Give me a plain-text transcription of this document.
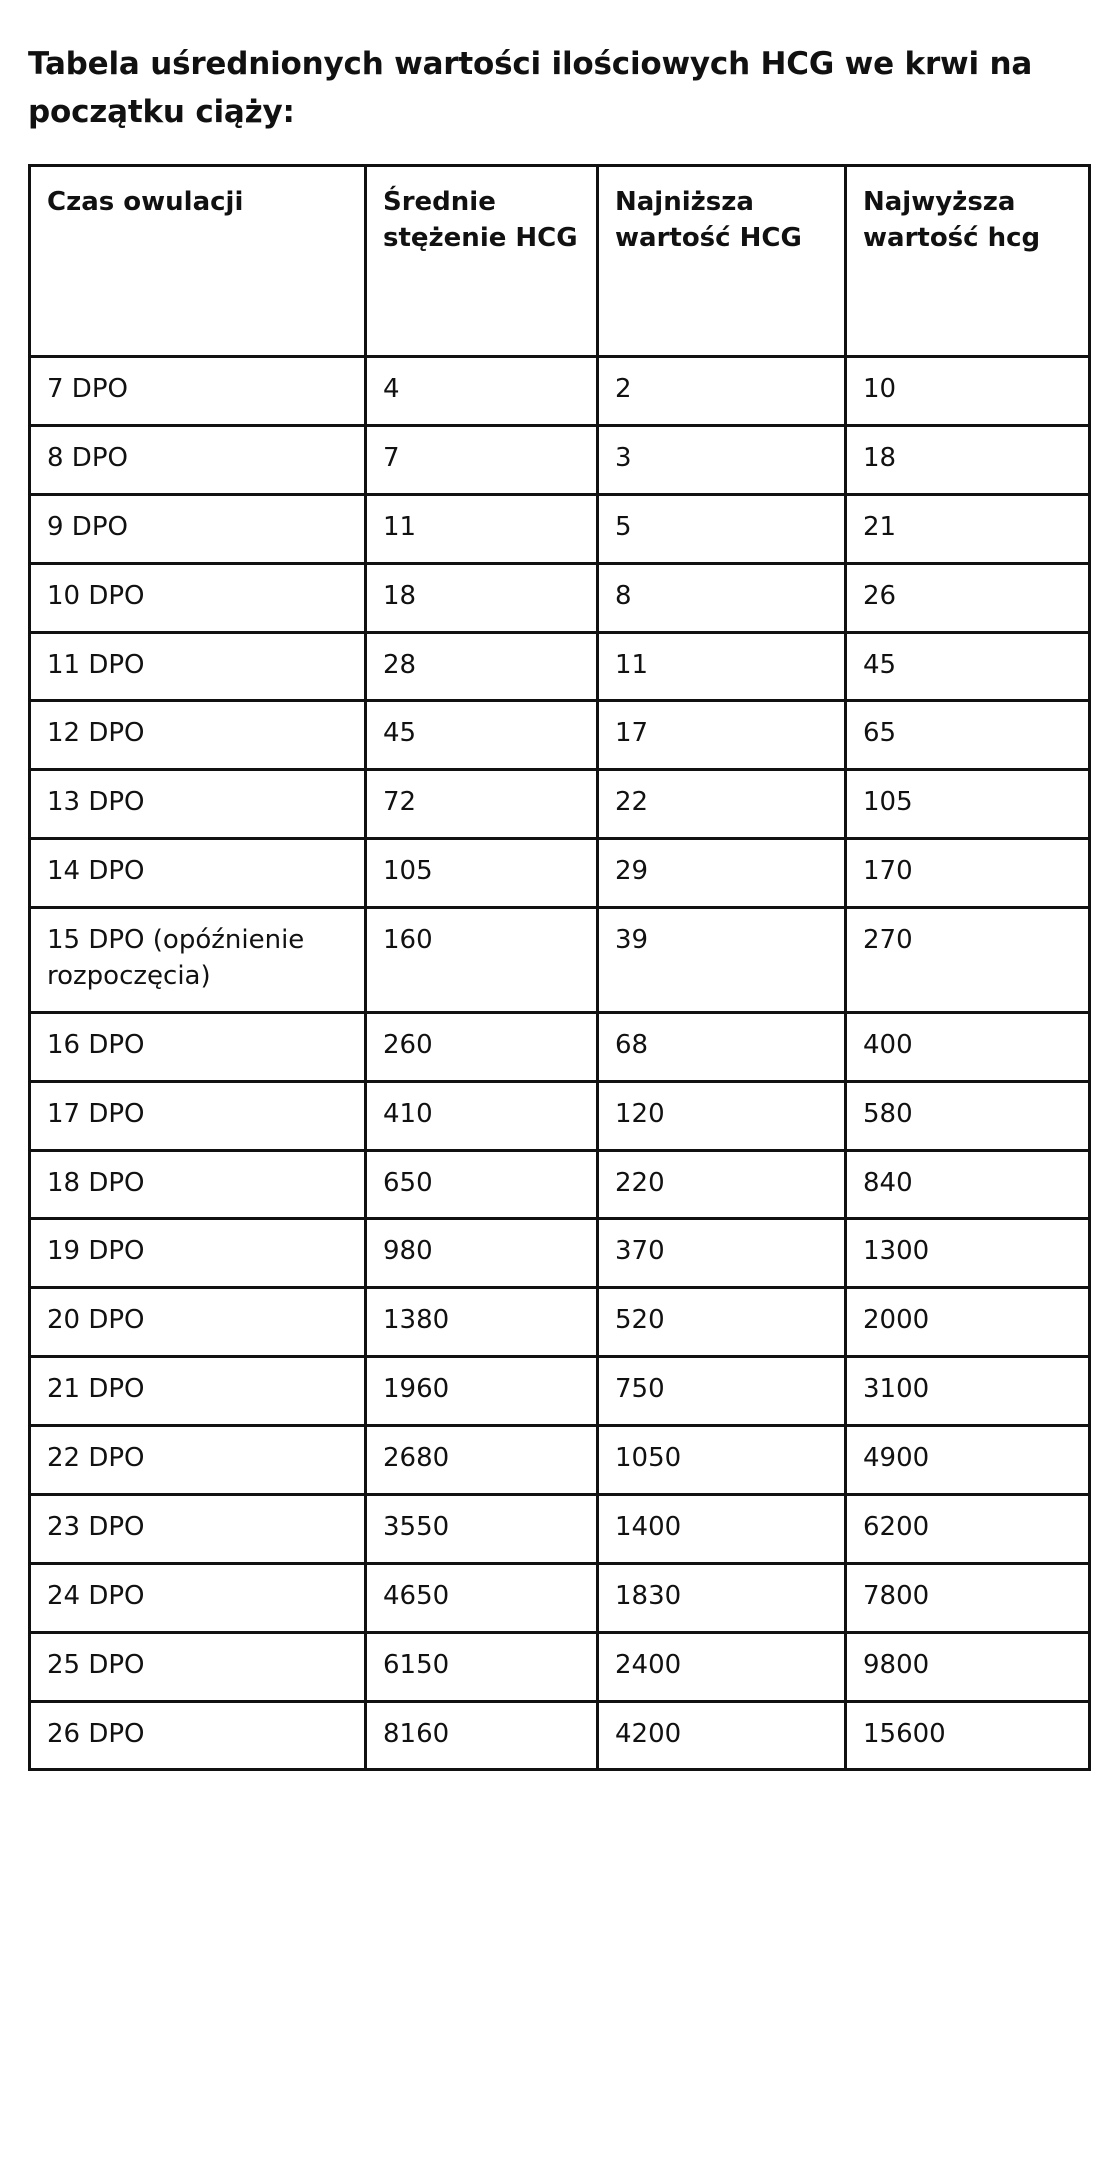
Tabela uśrednionych wartości ilościowych HCG we krwi na początku ciąży:
Czas owulacji	Średnie stężenie HCG	Najniższa wartość HCG	Najwyższa wartość hcg
7 DPO	4	2	10
8 DPO	7	3	18
9 DPO	11	5	21
10 DPO	18	8	26
11 DPO	28	11	45
12 DPO	45	17	65
13 DPO	72	22	105
14 DPO	105	29	170
15 DPO (opóźnienie rozpoczęcia)	160	39	270
16 DPO	260	68	400
17 DPO	410	120	580
18 DPO	650	220	840
19 DPO	980	370	1300
20 DPO	1380	520	2000
21 DPO	1960	750	3100
22 DPO	2680	1050	4900
23 DPO	3550	1400	6200
24 DPO	4650	1830	7800
25 DPO	6150	2400	9800
26 DPO	8160	4200	15600
